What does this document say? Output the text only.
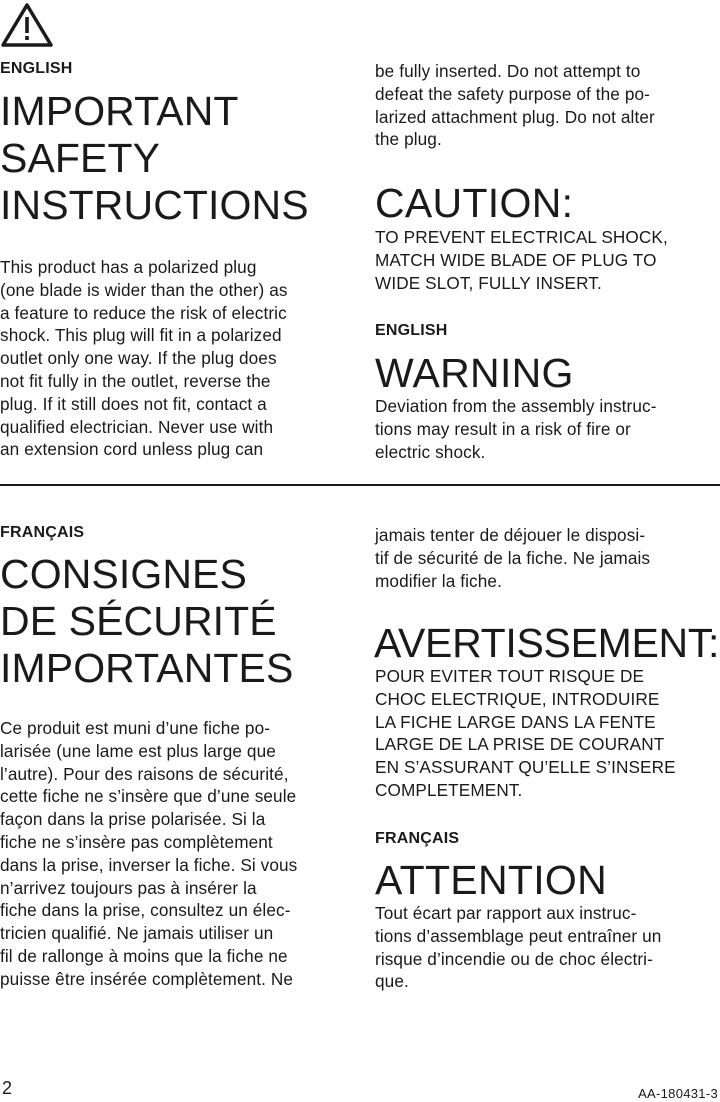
ENGLISH
IMPORTANT
SAFETY
INSTRUCTIONS

This product has a polarized plug
(one blade is wider than the other) as
a feature to reduce the risk of electric
shock. This plug will fit in a polarized
outlet only one way. If the plug does
not fit fully in the outlet, reverse the
plug. If it still does not fit, contact a
qualified electrician. Never use with
an extension cord unless plug can

be fully inserted. Do not attempt to
defeat the safety purpose of the po-
larized attachment plug. Do not alter
the plug.

CAUTION:

TO PREVENT ELECTRICAL SHOCK,
MATCH WIDE BLADE OF PLUG TO
WIDE SLOT, FULLY INSERT.

ENGLISH
WARNING

Deviation from the assembly instruc-
tions may result in a risk of fire or
electric shock.

FRANÇAIS
CONSIGNES
DE SÉCURITÉ
IMPORTANTES

Ce produit est muni d’une fiche po-
larisée (une lame est plus large que
l’autre). Pour des raisons de sécurité,
cette fiche ne s’insère que d’une seule
façon dans la prise polarisée. Si la
fiche ne s’insère pas complètement
dans la prise, inverser la fiche. Si vous
n’arrivez toujours pas à insérer la
fiche dans la prise, consultez un élec-
tricien qualifié. Ne jamais utiliser un
fil de rallonge à moins que la fiche ne
puisse être insérée complètement. Ne

jamais tenter de déjouer le disposi-
tif de sécurité de la fiche. Ne jamais
modifier la fiche.

AVERTISSEMENT:

POUR EVITER TOUT RISQUE DE
CHOC ELECTRIQUE, INTRODUIRE
LA FICHE LARGE DANS LA FENTE
LARGE DE LA PRISE DE COURANT
EN S’ASSURANT QU’ELLE S’INSERE
COMPLETEMENT.

FRANÇAIS
ATTENTION

Tout écart par rapport aux instruc-
tions d’assemblage peut entraîner un
risque d’incendie ou de choc électri-
que.

2	AA-180431-3
